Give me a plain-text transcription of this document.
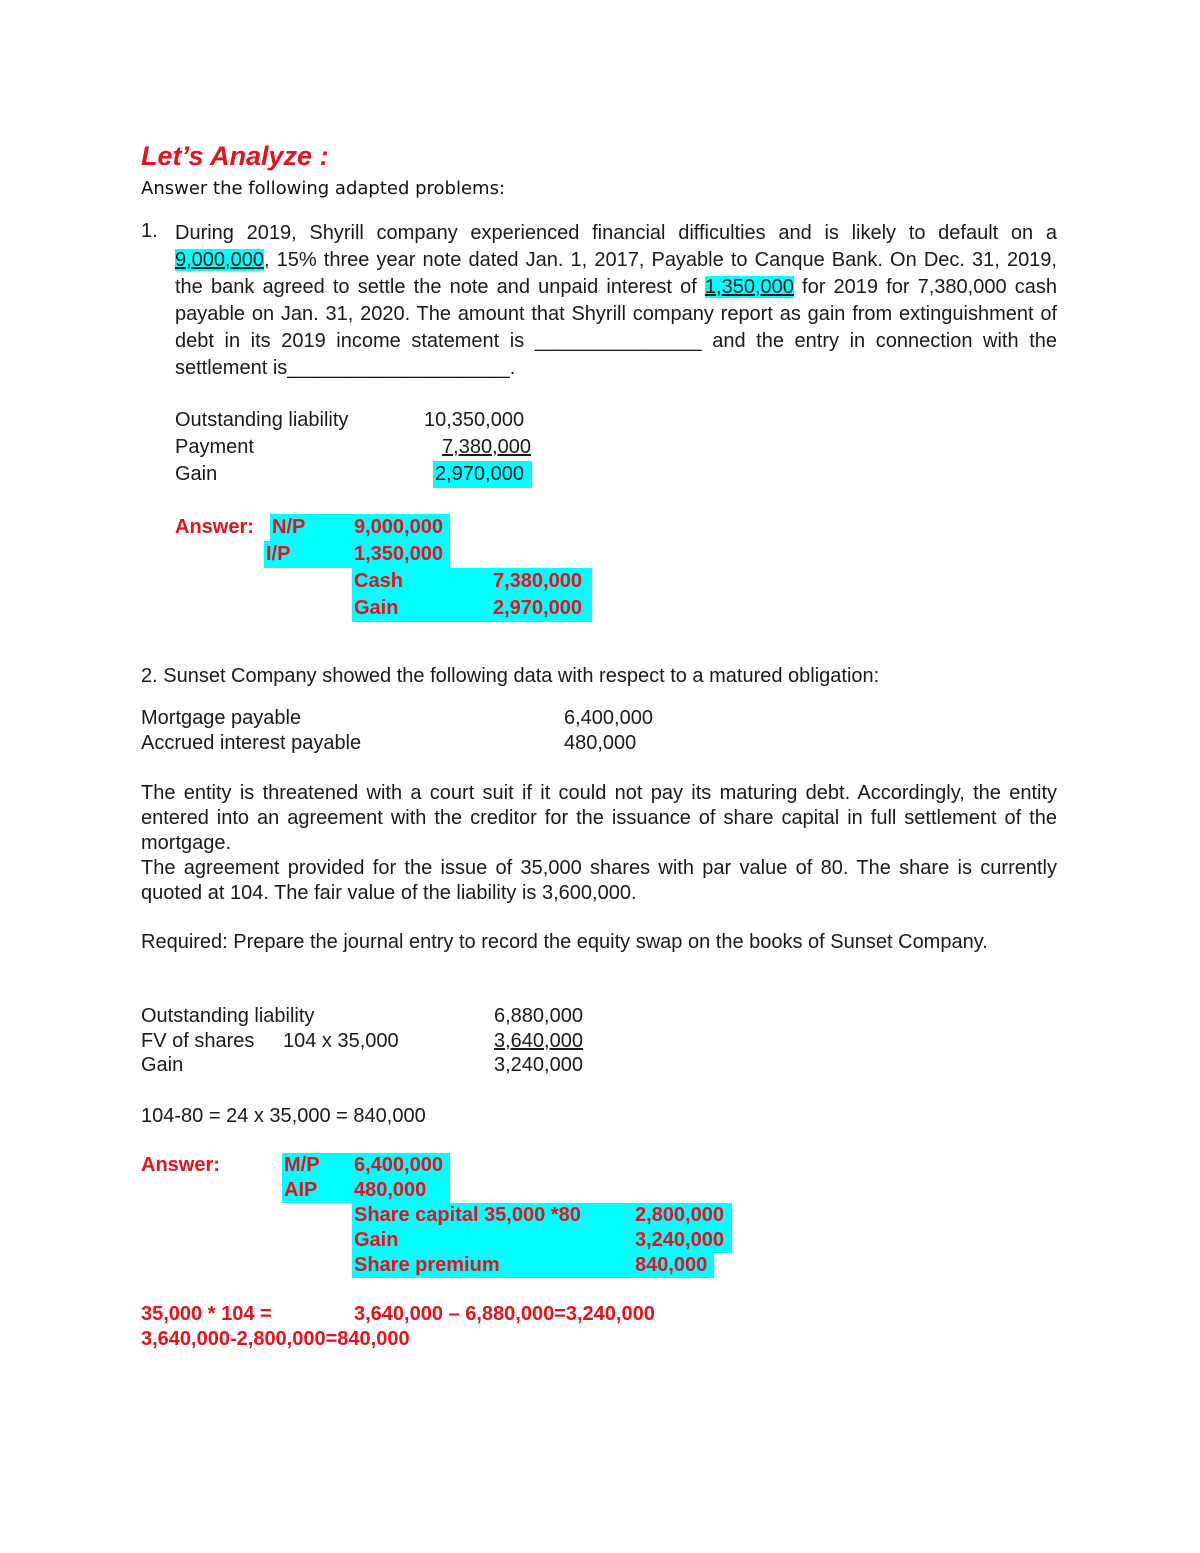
Let’s Analyze :
Answer the following adapted problems:
1. During 2019, Shyrill company experienced financial difficulties and is likely to default on a 9,000,000, 15% three year note dated Jan. 1, 2017, Payable to Canque Bank. On Dec. 31, 2019, the bank agreed to settle the note and unpaid interest of 1,350,000 for 2019 for 7,380,000 cash payable on Jan. 31, 2020. The amount that Shyrill company report as gain from extinguishment of debt in its 2019 income statement is _______________ and the entry in connection with the settlement is____________________.
Outstanding liability	10,350,000
Payment	7,380,000
Gain	2,970,000
Answer: N/P 9,000,000
I/P	1,350,000
Cash	7,380,000
Gain	2,970,000
2. Sunset Company showed the following data with respect to a matured obligation:
Mortgage payable	6,400,000
Accrued interest payable	480,000
The entity is threatened with a court suit if it could not pay its maturing debt. Accordingly, the entity entered into an agreement with the creditor for the issuance of share capital in full settlement of the mortgage.
The agreement provided for the issue of 35,000 shares with par value of 80. The share is currently quoted at 104. The fair value of the liability is 3,600,000.
Required: Prepare the journal entry to record the equity swap on the books of Sunset Company.
Outstanding liability	6,880,000
FV of shares 104 x 35,000	3,640,000
Gain	3,240,000
104-80 = 24 x 35,000 = 840,000
Answer:	M/P 6,400,000
AIP 480,000
Share capital 35,000 *80	2,800,000
Gain	3,240,000
Share premium	840,000
35,000 * 104 =	3,640,000 – 6,880,000=3,240,000
3,640,000-2,800,000=840,000
